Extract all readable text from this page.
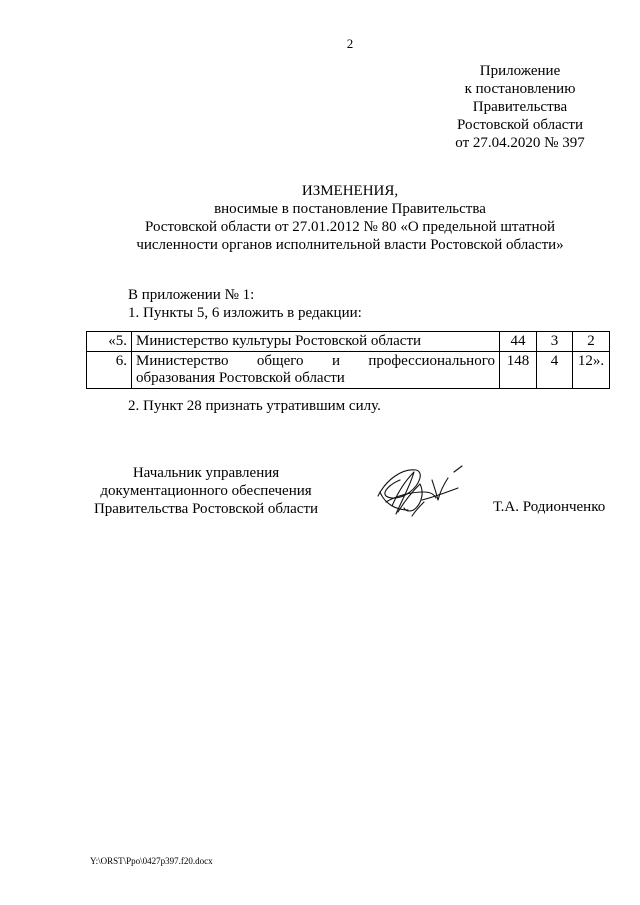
2
Приложение
к постановлению
Правительства
Ростовской области
от 27.04.2020 № 397
ИЗМЕНЕНИЯ,
вносимые в постановление Правительства
Ростовской области от 27.01.2012 № 80 «О предельной штатной
численности органов исполнительной власти Ростовской области»
В приложении № 1:
1. Пункты 5, 6 изложить в редакции:
«5.	Министерство культуры Ростовской области	44	3	2
6.	Министерство общего и профессионального
образования Ростовской области	148	4	12».
2. Пункт 28 признать утратившим силу.
Начальник управления
документационного обеспечения
Правительства Ростовской области	Т.А. Родионченко
Y:\ORST\Ppo\0427p397.f20.docx
